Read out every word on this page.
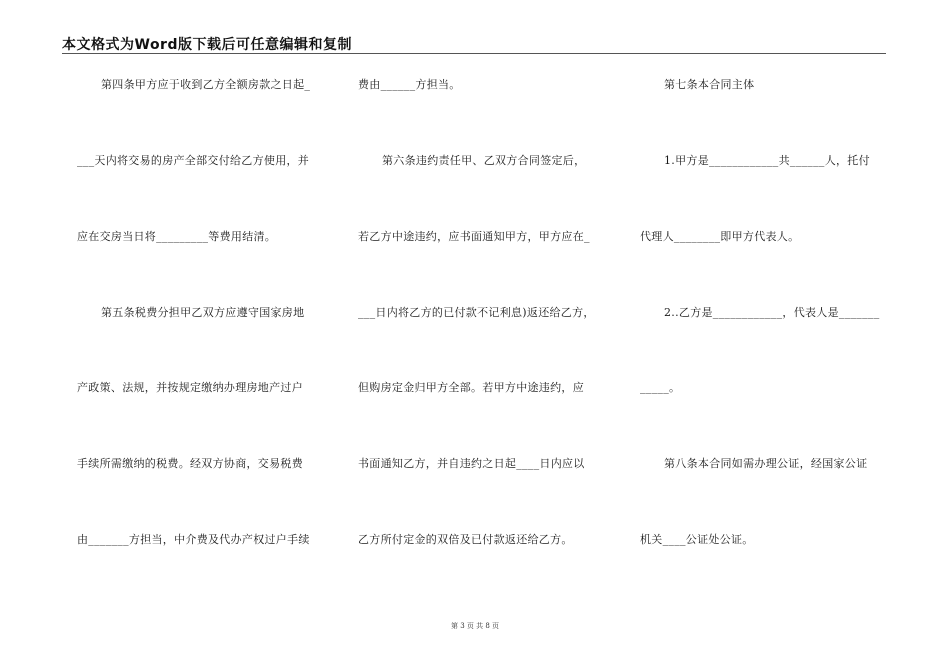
本文格式为Word版下载后可任意编辑和复制
第四条甲方应于收到乙方全额房款之日起_
___天内将交易的房产全部交付给乙方使用，并
应在交房当日将_________等费用结清。
第五条税费分担甲乙双方应遵守国家房地
产政策、法规，并按规定缴纳办理房地产过户
手续所需缴纳的税费。经双方协商，交易税费
由_______方担当，中介费及代办产权过户手续
费由______方担当。
第六条违约责任甲、乙双方合同签定后，
若乙方中途违约，应书面通知甲方，甲方应在_
___日内将乙方的已付款不记利息)返还给乙方，
但购房定金归甲方全部。若甲方中途违约，应
书面通知乙方，并自违约之日起____日内应以
乙方所付定金的双倍及已付款返还给乙方。
第七条本合同主体
1.甲方是____________共______人，托付
代理人________即甲方代表人。
2..乙方是____________，代表人是_______
_____。
第八条本合同如需办理公证，经国家公证
机关____公证处公证。
第 3 页 共 8 页
